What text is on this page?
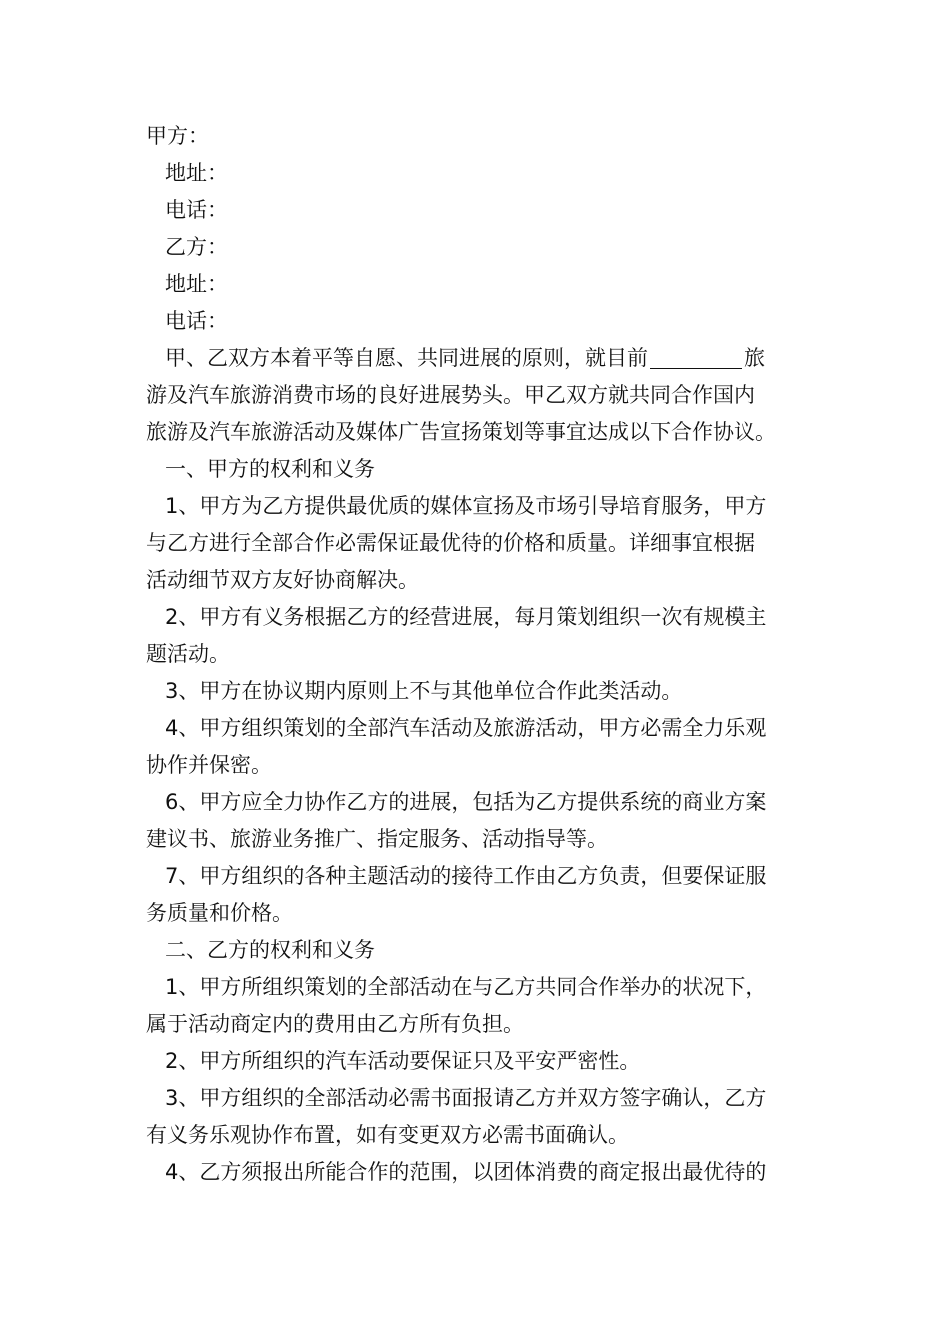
甲方：
地址：
电话：
乙方：
地址：
电话：
甲、乙双方本着平等自愿、共同进展的原则，就目前	旅
游及汽车旅游消费市场的良好进展势头。甲乙双方就共同合作国内
旅游及汽车旅游活动及媒体广告宣扬策划等事宜达成以下合作协议。
一、甲方的权利和义务
1、甲方为乙方提供最优质的媒体宣扬及市场引导培育服务，甲方
与乙方进行全部合作必需保证最优待的价格和质量。详细事宜根据
活动细节双方友好协商解决。
2、甲方有义务根据乙方的经营进展，每月策划组织一次有规模主
题活动。
3、甲方在协议期内原则上不与其他单位合作此类活动。
4、甲方组织策划的全部汽车活动及旅游活动，甲方必需全力乐观
协作并保密。
6、甲方应全力协作乙方的进展，包括为乙方提供系统的商业方案
建议书、旅游业务推广、指定服务、活动指导等。
7、甲方组织的各种主题活动的接待工作由乙方负责，但要保证服
务质量和价格。
二、乙方的权利和义务
1、甲方所组织策划的全部活动在与乙方共同合作举办的状况下，
属于活动商定内的费用由乙方所有负担。
2、甲方所组织的汽车活动要保证只及平安严密性。
3、甲方组织的全部活动必需书面报请乙方并双方签字确认，乙方
有义务乐观协作布置，如有变更双方必需书面确认。
4、乙方须报出所能合作的范围，以团体消费的商定报出最优待的
